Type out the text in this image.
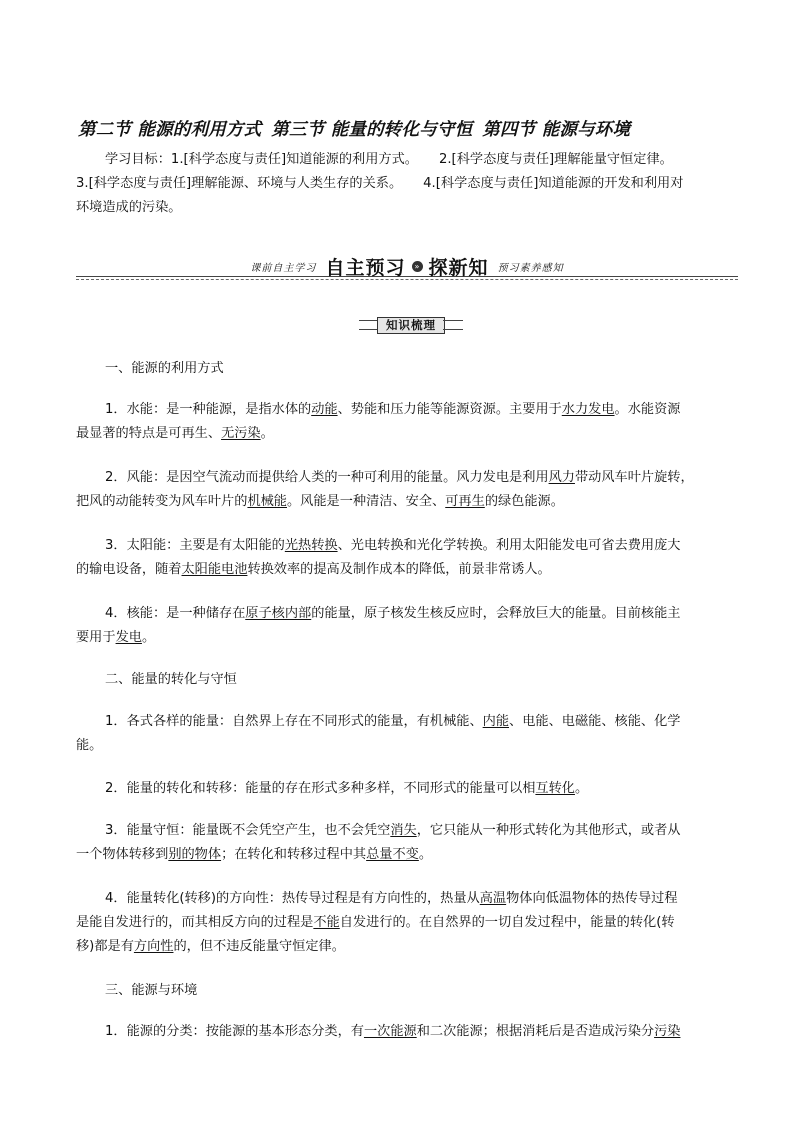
第二节 能源的利用方式 第三节 能量的转化与守恒 第四节 能源与环境
学习目标：1.[科学态度与责任]知道能源的利用方式。 2.[科学态度与责任]理解能量守恒定律。
3.[科学态度与责任]理解能源、环境与人类生存的关系。 4.[科学态度与责任]知道能源的开发和利用对
环境造成的污染。
课前自主学习 自主预习 » 探新知 预习素养感知
知识梳理
一、能源的利用方式
1．水能：是一种能源，是指水体的动能、势能和压力能等能源资源。主要用于水力发电。水能资源
最显著的特点是可再生、无污染。
2．风能：是因空气流动而提供给人类的一种可利用的能量。风力发电是利用风力带动风车叶片旋转，
把风的动能转变为风车叶片的机械能。风能是一种清洁、安全、可再生的绿色能源。
3．太阳能：主要是有太阳能的光热转换、光电转换和光化学转换。利用太阳能发电可省去费用庞大
的输电设备，随着太阳能电池转换效率的提高及制作成本的降低，前景非常诱人。
4．核能：是一种储存在原子核内部的能量，原子核发生核反应时，会释放巨大的能量。目前核能主
要用于发电。
二、能量的转化与守恒
1．各式各样的能量：自然界上存在不同形式的能量，有机械能、内能、电能、电磁能、核能、化学
能。
2．能量的转化和转移：能量的存在形式多种多样，不同形式的能量可以相互转化。
3．能量守恒：能量既不会凭空产生，也不会凭空消失，它只能从一种形式转化为其他形式，或者从
一个物体转移到别的物体；在转化和转移过程中其总量不变。
4．能量转化(转移)的方向性：热传导过程是有方向性的，热量从高温物体向低温物体的热传导过程
是能自发进行的，而其相反方向的过程是不能自发进行的。在自然界的一切自发过程中，能量的转化(转
移)都是有方向性的，但不违反能量守恒定律。
三、能源与环境
1．能源的分类：按能源的基本形态分类，有一次能源和二次能源；根据消耗后是否造成污染分污染
